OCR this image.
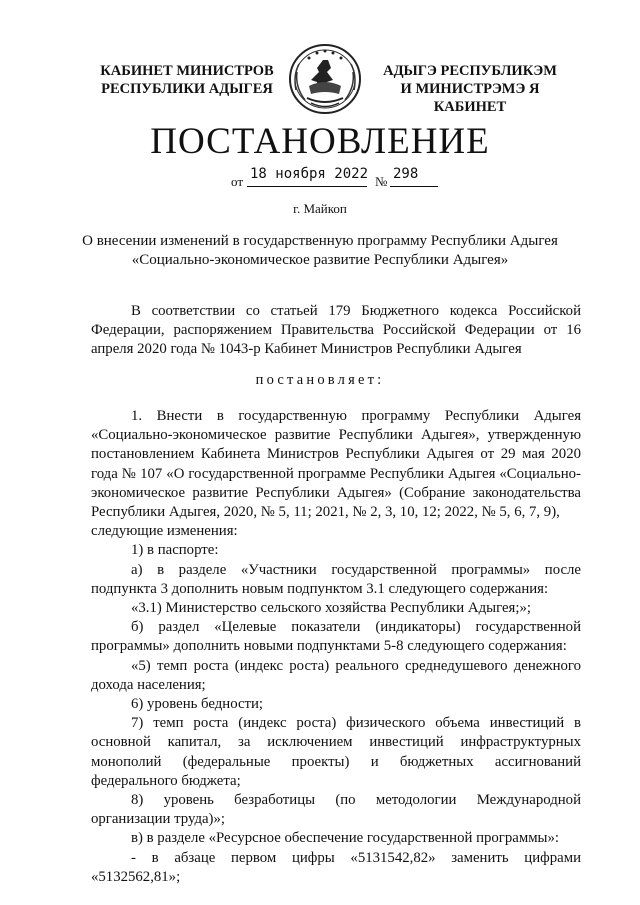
КАБИНЕТ МИНИСТРОВ
РЕСПУБЛИКИ АДЫГЕЯ
АДЫГЭ РЕСПУБЛИКЭМ
И МИНИСТРЭМЭ Я КАБИНЕТ
ПОСТАНОВЛЕНИЕ
от 18 ноября 2022 № 298
г. Майкоп
О внесении изменений в государственную программу Республики Адыгея
«Социально-экономическое развитие Республики Адыгея»

В соответствии со статьей 179 Бюджетного кодекса Российской Федерации, распоряжением Правительства Российской Федерации от 16 апреля 2020 года № 1043-р Кабинет Министров Республики Адыгея

постановляет:

1. Внести в государственную программу Республики Адыгея «Социально-экономическое развитие Республики Адыгея», утвержденную постановлением Кабинета Министров Республики Адыгея от 29 мая 2020 года № 107 «О государственной программе Республики Адыгея «Социально-экономическое развитие Республики Адыгея» (Собрание законодательства Республики Адыгея, 2020, № 5, 11; 2021, № 2, 3, 10, 12; 2022, № 5, 6, 7, 9),

следующие изменения:

1) в паспорте:

а) в разделе «Участники государственной программы» после подпункта 3 дополнить новым подпунктом 3.1 следующего содержания:

«3.1) Министерство сельского хозяйства Республики Адыгея;»;

б) раздел «Целевые показатели (индикаторы) государственной программы» дополнить новыми подпунктами 5-8 следующего содержания:

«5) темп роста (индекс роста) реального среднедушевого денежного дохода населения;

6) уровень бедности;

7) темп роста (индекс роста) физического объема инвестиций в основной капитал, за исключением инвестиций инфраструктурных монополий (федеральные проекты) и бюджетных ассигнований федерального бюджета;

8) уровень безработицы (по методологии Международной организации труда)»;

в) в разделе «Ресурсное обеспечение государственной программы»:

- в абзаце первом цифры «5131542,82» заменить цифрами «5132562,81»;
